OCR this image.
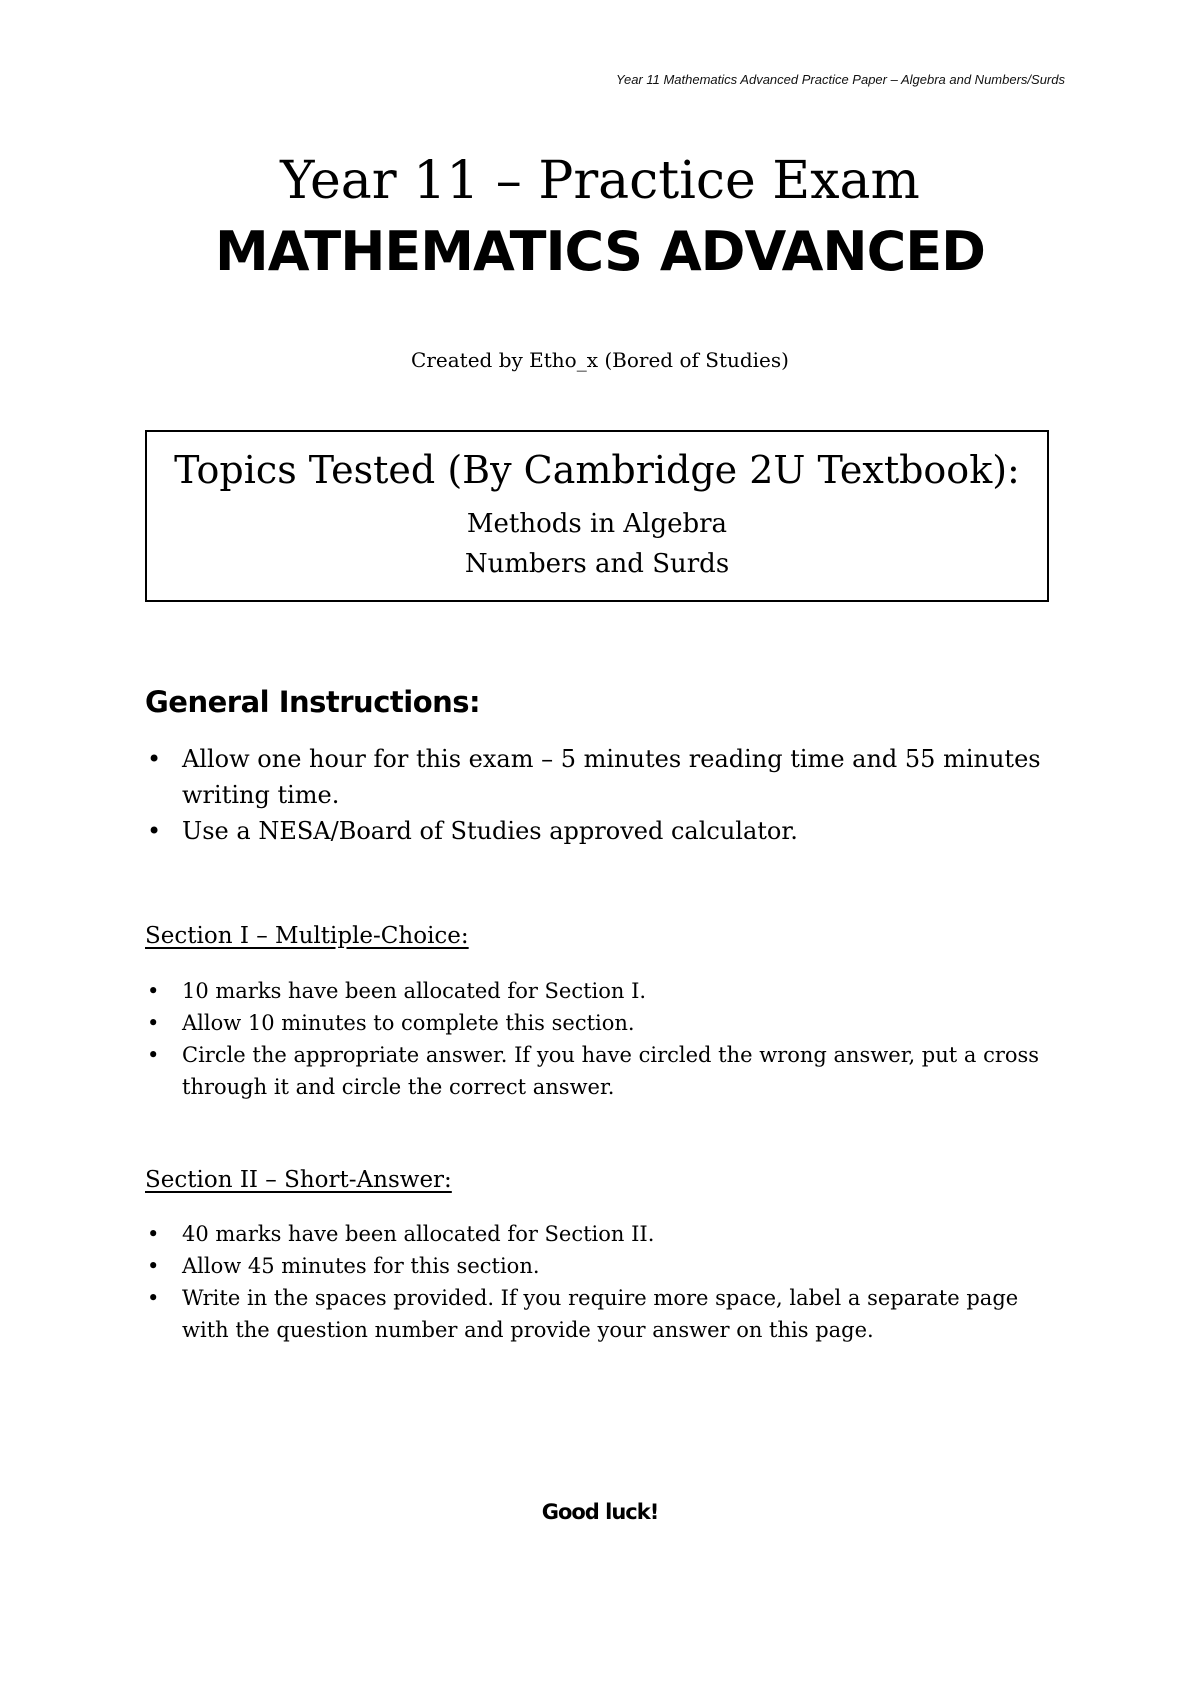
Year 11 Mathematics Advanced Practice Paper – Algebra and Numbers/Surds
Year 11 – Practice Exam
MATHEMATICS ADVANCED
Created by Etho_x (Bored of Studies)
Topics Tested (By Cambridge 2U Textbook):
Methods in Algebra
Numbers and Surds
General Instructions:
• Allow one hour for this exam – 5 minutes reading time and 55 minutes writing time.
• Use a NESA/Board of Studies approved calculator.
Section I – Multiple-Choice:
• 10 marks have been allocated for Section I.
• Allow 10 minutes to complete this section.
• Circle the appropriate answer. If you have circled the wrong answer, put a cross through it and circle the correct answer.
Section II – Short-Answer:
• 40 marks have been allocated for Section II.
• Allow 45 minutes for this section.
• Write in the spaces provided. If you require more space, label a separate page with the question number and provide your answer on this page.
Good luck!
